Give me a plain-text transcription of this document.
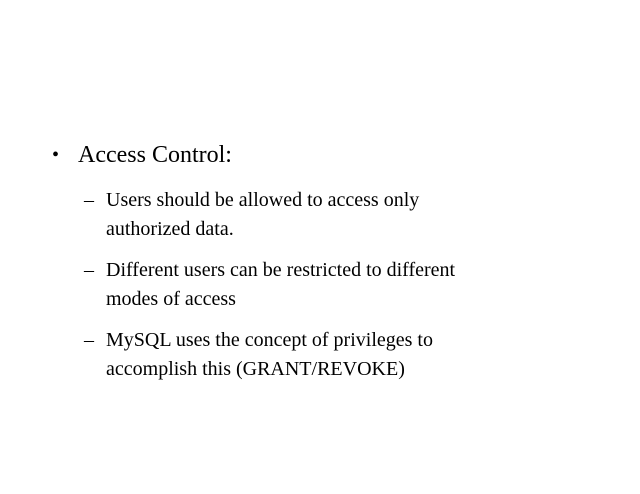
• Access Control:
– Users should be allowed to access only
authorized data.
– Different users can be restricted to different
modes of access
– MySQL uses the concept of privileges to
accomplish this (GRANT/REVOKE)
